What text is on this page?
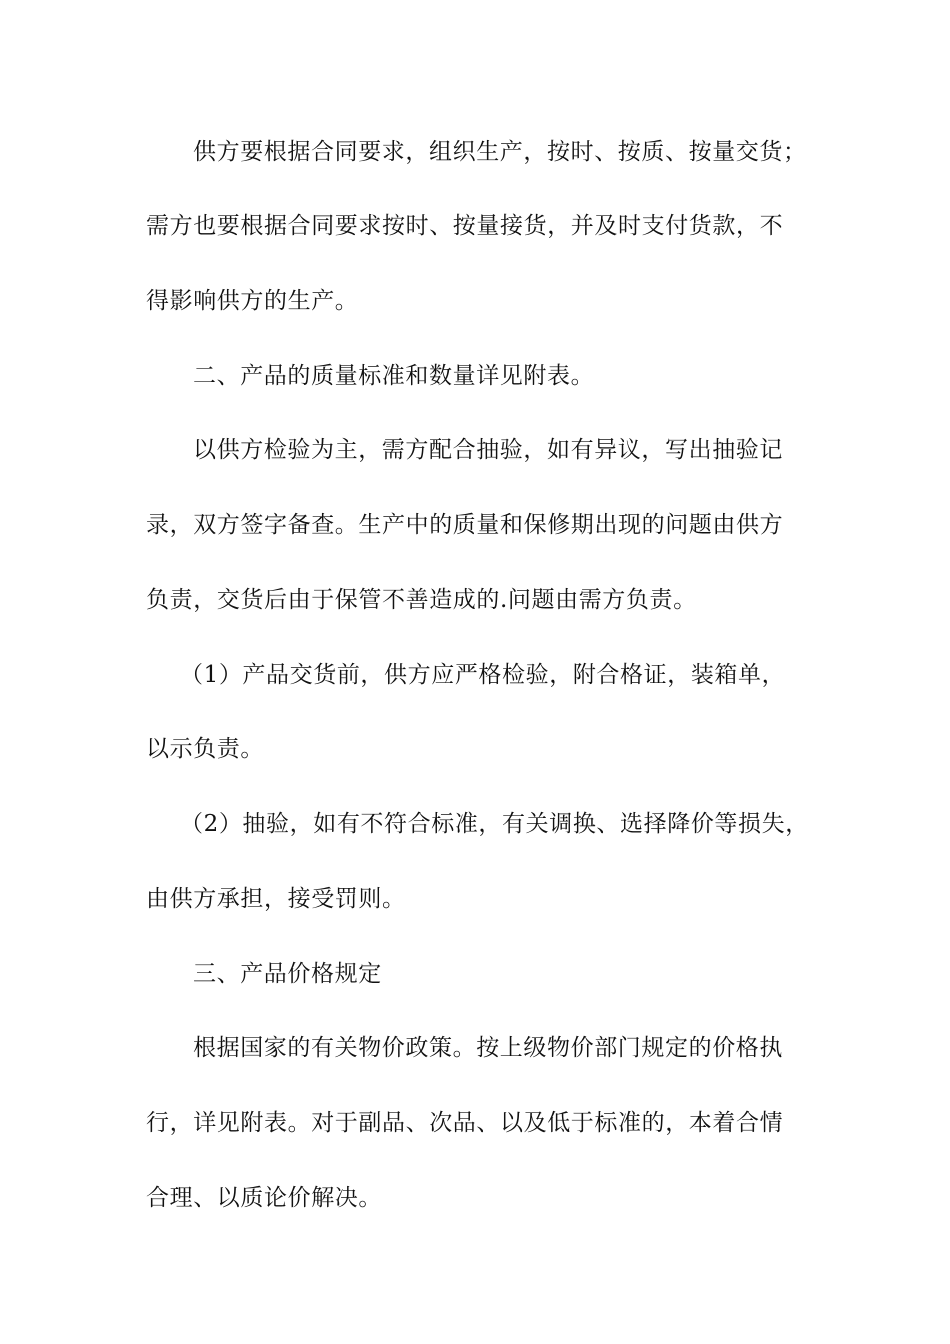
供方要根据合同要求，组织生产，按时、按质、按量交货；
需方也要根据合同要求按时、按量接货，并及时支付货款，不
得影响供方的生产。
二、产品的质量标准和数量详见附表。
以供方检验为主，需方配合抽验，如有异议，写出抽验记
录，双方签字备查。生产中的质量和保修期出现的问题由供方
负责，交货后由于保管不善造成的.问题由需方负责。
（1）产品交货前，供方应严格检验，附合格证，装箱单，
以示负责。
（2）抽验，如有不符合标准，有关调换、选择降价等损失，
由供方承担，接受罚则。
三、产品价格规定
根据国家的有关物价政策。按上级物价部门规定的价格执
行，详见附表。对于副品、次品、以及低于标准的，本着合情
合理、以质论价解决。
